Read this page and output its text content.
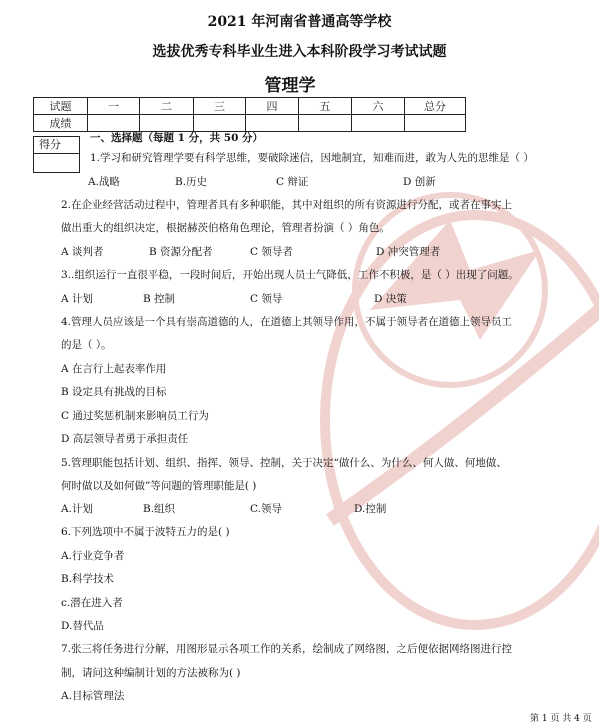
2021 年河南省普通高等学校
选拔优秀专科毕业生进入本科阶段学习考试试题
管理学
试题	一	二	三	四	五	六	总分
成绩							
得分	一、选择题（每题 1 分，共 50 分）
1.学习和研究管理学要有科学思维，要破除迷信，因地制宜，知难而进，敢为人先的思维是（ ）
A.战略	B.历史	C 辩证	D 创新
2.在企业经营活动过程中，管理者具有多种职能，其中对组织的所有资源进行分配，或者在事实上
做出重大的组织决定，根据赫茨伯格角色理论，管理者扮演（ ）角色。
A 谈判者	B 资源分配者	C 领导者	D 冲突管理者
3..组织运行一直很平稳，一段时间后，开始出现人员士气降低，工作不积极，是（ ）出现了问题。
A 计划	B 控制	C 领导	D 决策
4.管理人员应该是一个具有崇高道德的人，在道德上其领导作用，不属于领导者在道德上领导员工
的是（ ）。
A 在言行上起表率作用
B 设定具有挑战的目标
C 通过奖惩机制来影响员工行为
D 高层领导者勇于承担责任
5.管理职能包括计划、组织、指挥、领导、控制，关于决定“做什么、为什么、何人做、何地做、
何时做以及如何做”等问题的管理职能是( )
A.计划	B.组织	C.领导	D.控制
6.下列选项中不属于波特五力的是( )
A.行业竞争者
B.科学技术
c.潜在进入者
D.替代品
7.张三将任务进行分解，用图形显示各项工作的关系，绘制成了网络图，之后便依据网络图进行控
制，请问这种编制计划的方法被称为( )
A.目标管理法
第 1 页 共 4 页
